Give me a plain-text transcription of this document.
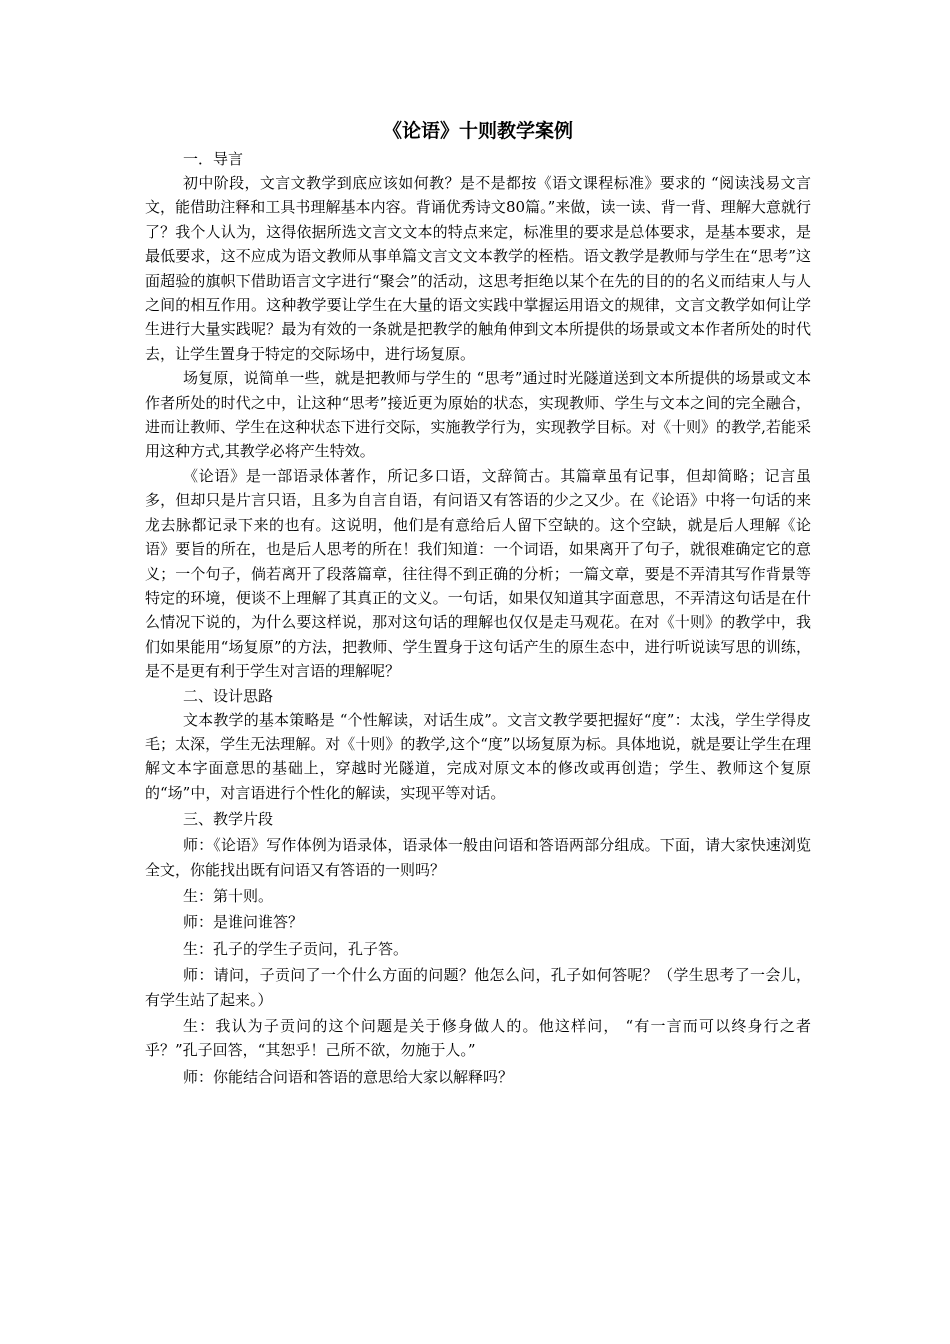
《论语》十则教学案例
一．导言

初中阶段，文言文教学到底应该如何教？是不是都按《语文课程标准》要求的 “阅读浅易文言文，能借助注释和工具书理解基本内容。背诵优秀诗文80篇。”来做，读一读、背一背、理解大意就行了？我个人认为，这得依据所选文言文文本的特点来定，标准里的要求是总体要求，是基本要求，是最低要求，这不应成为语文教师从事单篇文言文文本教学的桎梏。语文教学是教师与学生在“思考”这面超验的旗帜下借助语言文字进行“聚会”的活动，这思考拒绝以某个在先的目的的名义而结束人与人之间的相互作用。这种教学要让学生在大量的语文实践中掌握运用语文的规律，文言文教学如何让学生进行大量实践呢？最为有效的一条就是把教学的触角伸到文本所提供的场景或文本作者所处的时代去，让学生置身于特定的交际场中，进行场复原。

场复原，说简单一些，就是把教师与学生的 “思考”通过时光隧道送到文本所提供的场景或文本作者所处的时代之中，让这种“思考”接近更为原始的状态，实现教师、学生与文本之间的完全融合，进而让教师、学生在这种状态下进行交际，实施教学行为，实现教学目标。对《十则》的教学,若能采用这种方式,其教学必将产生特效。

《论语》是一部语录体著作，所记多口语，文辞简古。其篇章虽有记事，但却简略；记言虽多，但却只是片言只语，且多为自言自语，有问语又有答语的少之又少。在《论语》中将一句话的来龙去脉都记录下来的也有。这说明，他们是有意给后人留下空缺的。这个空缺，就是后人理解《论语》要旨的所在，也是后人思考的所在！我们知道：一个词语，如果离开了句子，就很难确定它的意义；一个句子，倘若离开了段落篇章，往往得不到正确的分析；一篇文章，要是不弄清其写作背景等特定的环境，便谈不上理解了其真正的文义。一句话，如果仅知道其字面意思，不弄清这句话是在什么情况下说的，为什么要这样说，那对这句话的理解也仅仅是走马观花。在对《十则》的教学中，我们如果能用“场复原”的方法，把教师、学生置身于这句话产生的原生态中，进行听说读写思的训练，是不是更有利于学生对言语的理解呢？

二、设计思路

文本教学的基本策略是 “个性解读，对话生成”。文言文教学要把握好“度”：太浅，学生学得皮毛；太深，学生无法理解。对《十则》的教学,这个“度”以场复原为标。具体地说，就是要让学生在理解文本字面意思的基础上，穿越时光隧道，完成对原文本的修改或再创造；学生、教师这个复原的“场”中，对言语进行个性化的解读，实现平等对话。

三、教学片段

师：《论语》写作体例为语录体，语录体一般由问语和答语两部分组成。下面，请大家快速浏览全文，你能找出既有问语又有答语的一则吗？

生：第十则。

师：是谁问谁答？

生：孔子的学生子贡问，孔子答。

师：请问，子贡问了一个什么方面的问题？他怎么问，孔子如何答呢？（学生思考了一会儿，有学生站了起来。）

生：我认为子贡问的这个问题是关于修身做人的。他这样问， “有一言而可以终身行之者乎？”孔子回答，“其恕乎！己所不欲，勿施于人。”

师：你能结合问语和答语的意思给大家以解释吗？
